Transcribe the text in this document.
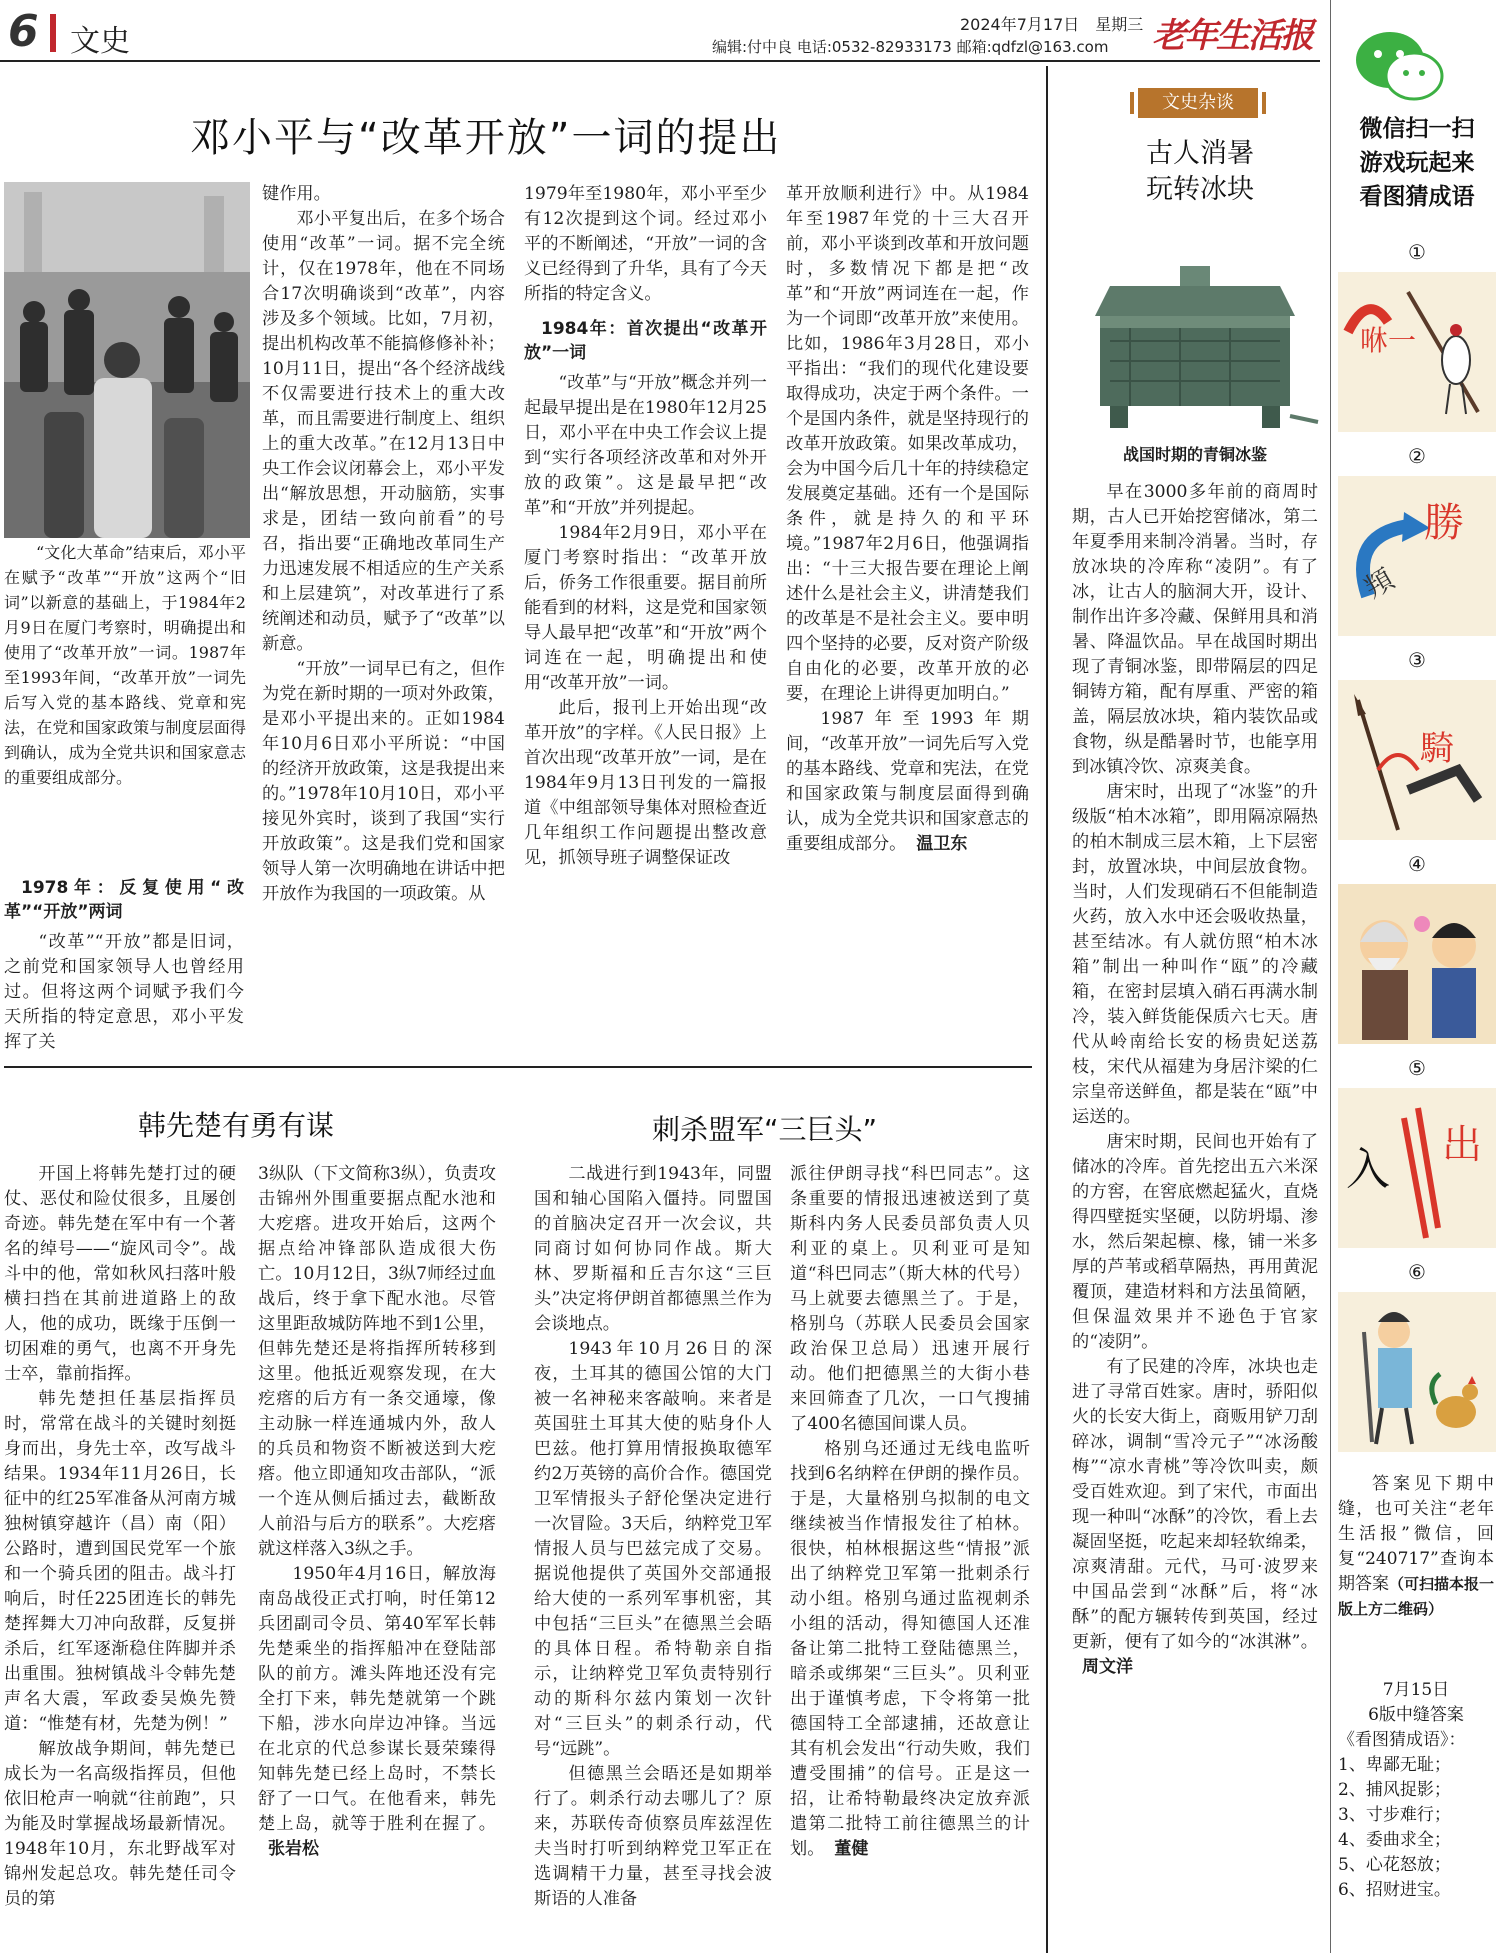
6 文史	2024年7月17日　星期三
编辑:付中良 电话:0532-82933173 邮箱:qdfzl@163.com 老年生活报
邓小平与“改革开放”一词的提出

“文化大革命”结束后，邓小平在赋予“改革”“开放”这两个“旧词”以新意的基础上，于1984年2月9日在厦门考察时，明确提出和使用了“改革开放”一词。1987年至1993年间，“改革开放”一词先后写入党的基本路线、党章和宪法，在党和国家政策与制度层面得到确认，成为全党共识和国家意志的重要组成部分。

1978年：反复使用“改革”“开放”两词

“改革”“开放”都是旧词，之前党和国家领导人也曾经用过。但将这两个词赋予我们今天所指的特定意思，邓小平发挥了关

键作用。

邓小平复出后，在多个场合使用“改革”一词。据不完全统计，仅在1978年，他在不同场合17次明确谈到“改革”，内容涉及多个领域。比如，7月初，提出机构改革不能搞修修补补；10月11日，提出“各个经济战线不仅需要进行技术上的重大改革，而且需要进行制度上、组织上的重大改革。”在12月13日中央工作会议闭幕会上，邓小平发出“解放思想，开动脑筋，实事求是，团结一致向前看”的号召，指出要“正确地改革同生产力迅速发展不相适应的生产关系和上层建筑”，对改革进行了系统阐述和动员，赋予了“改革”以新意。

“开放”一词早已有之，但作为党在新时期的一项对外政策，是邓小平提出来的。正如1984年10月6日邓小平所说：“中国的经济开放政策，这是我提出来的。”1978年10月10日，邓小平接见外宾时，谈到了我国“实行开放政策”。这是我们党和国家领导人第一次明确地在讲话中把开放作为我国的一项政策。从

1979年至1980年，邓小平至少有12次提到这个词。经过邓小平的不断阐述，“开放”一词的含义已经得到了升华，具有了今天所指的特定含义。

1984年：首次提出“改革开放”一词

“改革”与“开放”概念并列一起最早提出是在1980年12月25日，邓小平在中央工作会议上提到“实行各项经济改革和对外开放的政策”。这是最早把“改革”和“开放”并列提起。

1984年2月9日，邓小平在厦门考察时指出：“改革开放后，侨务工作很重要。据目前所能看到的材料，这是党和国家领导人最早把“改革”和“开放”两个词连在一起，明确提出和使用“改革开放”一词。

此后，报刊上开始出现“改革开放”的字样。《人民日报》上首次出现“改革开放”一词，是在1984年9月13日刊发的一篇报道《中组部领导集体对照检查近几年组织工作问题提出整改意见，抓领导班子调整保证改

革开放顺利进行》中。从1984年至1987年党的十三大召开前，邓小平谈到改革和开放问题时，多数情况下都是把“改革”和“开放”两词连在一起，作为一个词即“改革开放”来使用。比如，1986年3月28日，邓小平指出：“我们的现代化建设要取得成功，决定于两个条件。一个是国内条件，就是坚持现行的改革开放政策。如果改革成功，会为中国今后几十年的持续稳定发展奠定基础。还有一个是国际条件，就是持久的和平环境。”1987年2月6日，他强调指出：“十三大报告要在理论上阐述什么是社会主义，讲清楚我们的改革是不是社会主义。要申明四个坚持的必要，反对资产阶级自由化的必要，改革开放的必要，在理论上讲得更加明白。”

1987年至1993年期间，“改革开放”一词先后写入党的基本路线、党章和宪法，在党和国家政策与制度层面得到确认，成为全党共识和国家意志的重要组成部分。 温卫东

韩先楚有勇有谋

开国上将韩先楚打过的硬仗、恶仗和险仗很多，且屡创奇迹。韩先楚在军中有一个著名的绰号——“旋风司令”。战斗中的他，常如秋风扫落叶般横扫挡在其前进道路上的敌人，他的成功，既缘于压倒一切困难的勇气，也离不开身先士卒，靠前指挥。

韩先楚担任基层指挥员时，常常在战斗的关键时刻挺身而出，身先士卒，改写战斗结果。1934年11月26日，长征中的红25军准备从河南方城独树镇穿越许（昌）南（阳）公路时，遭到国民党军一个旅和一个骑兵团的阻击。战斗打响后，时任225团连长的韩先楚挥舞大刀冲向敌群，反复拼杀后，红军逐渐稳住阵脚并杀出重围。独树镇战斗令韩先楚声名大震，军政委吴焕先赞道：“惟楚有材，先楚为例！”

解放战争期间，韩先楚已成长为一名高级指挥员，但他依旧枪声一响就“往前跑”，只为能及时掌握战场最新情况。1948年10月，东北野战军对锦州发起总攻。韩先楚任司令员的第

3纵队（下文简称3纵），负责攻击锦州外围重要据点配水池和大疙瘩。进攻开始后，这两个据点给冲锋部队造成很大伤亡。10月12日，3纵7师经过血战后，终于拿下配水池。尽管这里距敌城防阵地不到1公里，但韩先楚还是将指挥所转移到这里。他抵近观察发现，在大疙瘩的后方有一条交通壕，像主动脉一样连通城内外，敌人的兵员和物资不断被送到大疙瘩。他立即通知攻击部队，“派一个连从侧后插过去，截断敌人前沿与后方的联系”。大疙瘩就这样落入3纵之手。

1950年4月16日，解放海南岛战役正式打响，时任第12兵团副司令员、第40军军长韩先楚乘坐的指挥船冲在登陆部队的前方。滩头阵地还没有完全打下来，韩先楚就第一个跳下船，涉水向岸边冲锋。当远在北京的代总参谋长聂荣臻得知韩先楚已经上岛时，不禁长舒了一口气。在他看来，韩先楚上岛，就等于胜利在握了。张岩松

刺杀盟军“三巨头”

二战进行到1943年，同盟国和轴心国陷入僵持。同盟国的首脑决定召开一次会议，共同商讨如何协同作战。斯大林、罗斯福和丘吉尔这“三巨头”决定将伊朗首都德黑兰作为会谈地点。

1943年10月26日的深夜，土耳其的德国公馆的大门被一名神秘来客敲响。来者是英国驻土耳其大使的贴身仆人巴兹。他打算用情报换取德军约2万英镑的高价合作。德国党卫军情报头子舒伦堡决定进行一次冒险。3天后，纳粹党卫军情报人员与巴兹完成了交易。据说他提供了英国外交部通报给大使的一系列军事机密，其中包括“三巨头”在德黑兰会晤的具体日程。希特勒亲自指示，让纳粹党卫军负责特别行动的斯科尔兹内策划一次针对“三巨头”的刺杀行动，代号“远跳”。

但德黑兰会晤还是如期举行了。刺杀行动去哪儿了？原来，苏联传奇侦察员库兹涅佐夫当时打听到纳粹党卫军正在选调精干力量，甚至寻找会波斯语的人准备

派往伊朗寻找“科巴同志”。这条重要的情报迅速被送到了莫斯科内务人民委员部负责人贝利亚的桌上。贝利亚可是知道“科巴同志”（斯大林的代号）马上就要去德黑兰了。于是，格别乌（苏联人民委员会国家政治保卫总局）迅速开展行动。他们把德黑兰的大街小巷来回筛查了几次，一口气搜捕了400名德国间谍人员。

格别乌还通过无线电监听找到6名纳粹在伊朗的操作员。于是，大量格别乌拟制的电文继续被当作情报发往了柏林。很快，柏林根据这些“情报”派出了纳粹党卫军第一批刺杀行动小组。格别乌通过监视刺杀小组的活动，得知德国人还准备让第二批特工登陆德黑兰，暗杀或绑架“三巨头”。贝利亚出于谨慎考虑，下令将第一批德国特工全部逮捕，还故意让其有机会发出“行动失败，我们遭受围捕”的信号。正是这一招，让希特勒最终决定放弃派遣第二批特工前往德黑兰的计划。 董健

文史杂谈
古人消暑
玩转冰块
战国时期的青铜冰鉴

早在3000多年前的商周时期，古人已开始挖窖储冰，第二年夏季用来制冷消暑。当时，存放冰块的冷库称“凌阴”。有了冰，让古人的脑洞大开，设计、制作出许多冷藏、保鲜用具和消暑、降温饮品。早在战国时期出现了青铜冰鉴，即带隔层的四足铜铸方箱，配有厚重、严密的箱盖，隔层放冰块，箱内装饮品或食物，纵是酷暑时节，也能享用到冰镇冷饮、凉爽美食。

唐宋时，出现了“冰鉴”的升级版“柏木冰箱”，即用隔凉隔热的柏木制成三层木箱，上下层密封，放置冰块，中间层放食物。当时，人们发现硝石不但能制造火药，放入水中还会吸收热量，甚至结冰。有人就仿照“柏木冰箱”制出一种叫作“瓯”的冷藏箱，在密封层填入硝石再满水制冷，装入鲜货能保质六七天。唐代从岭南给长安的杨贵妃送荔枝，宋代从福建为身居汴梁的仁宗皇帝送鲜鱼，都是装在“瓯”中运送的。

唐宋时期，民间也开始有了储冰的冷库。首先挖出五六米深的方窖，在窖底燃起猛火，直烧得四壁挺实坚硬，以防坍塌、渗水，然后架起檩、椽，铺一米多厚的芦苇或稻草隔热，再用黄泥覆顶，建造材料和方法虽简陋，但保温效果并不逊色于官家的“凌阴”。

有了民建的冷库，冰块也走进了寻常百姓家。唐时，骄阳似火的长安大街上，商贩用铲刀刮碎冰，调制“雪冷元子”“冰汤酸梅”“凉水青桃”等冷饮叫卖，颇受百姓欢迎。到了宋代，市面出现一种叫“冰酥”的冷饮，看上去凝固坚挺，吃起来却轻软绵柔，凉爽清甜。元代，马可·波罗来中国品尝到“冰酥”后，将“冰酥”的配方辗转传到英国，经过更新，便有了如今的“冰淇淋”。周文洋

微信扫一扫
游戏玩起来
看图猜成语
①
咻一
②
勝
頖
③
騎
④
⑤
入 出
⑥

答案见下期中缝，也可关注“老年生活报”微信，回复“240717”查询本期答案（可扫描本报一版上方二维码）

7月15日
6版中缝答案
《看图猜成语》：
1、卑鄙无耻；
2、捕风捉影；
3、寸步难行；
4、委曲求全；
5、心花怒放；
6、招财进宝。
